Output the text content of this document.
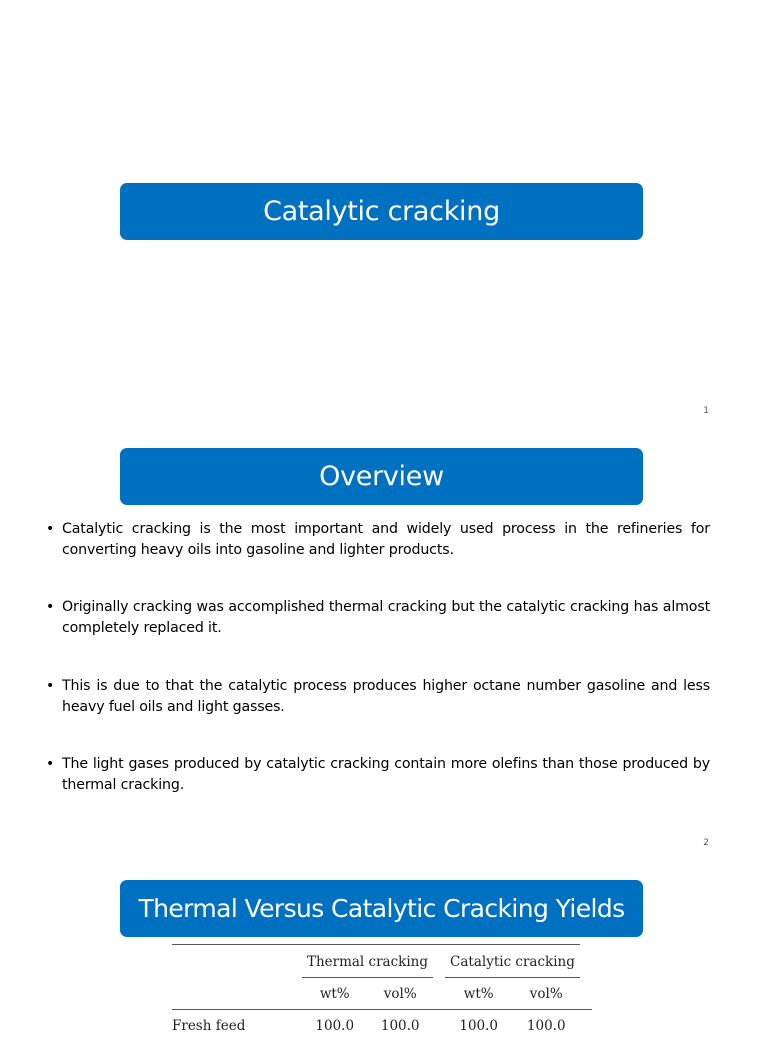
Catalytic cracking
1
Overview
• Catalytic cracking is the most important and widely used process in the refineries for converting heavy oils into gasoline and lighter products.
• Originally cracking was accomplished thermal cracking but the catalytic cracking has almost completely replaced it.
• This is due to that the catalytic process produces higher octane number gasoline and less heavy fuel oils and light gasses.
• The light gases produced by catalytic cracking contain more olefins than those produced by thermal cracking.
2
Thermal Versus Catalytic Cracking Yields

	Thermal cracking			Catalytic cracking		
	wt%	vol%		wt%	vol%	
Fresh feed	100.0	100.0		100.0	100.0	
